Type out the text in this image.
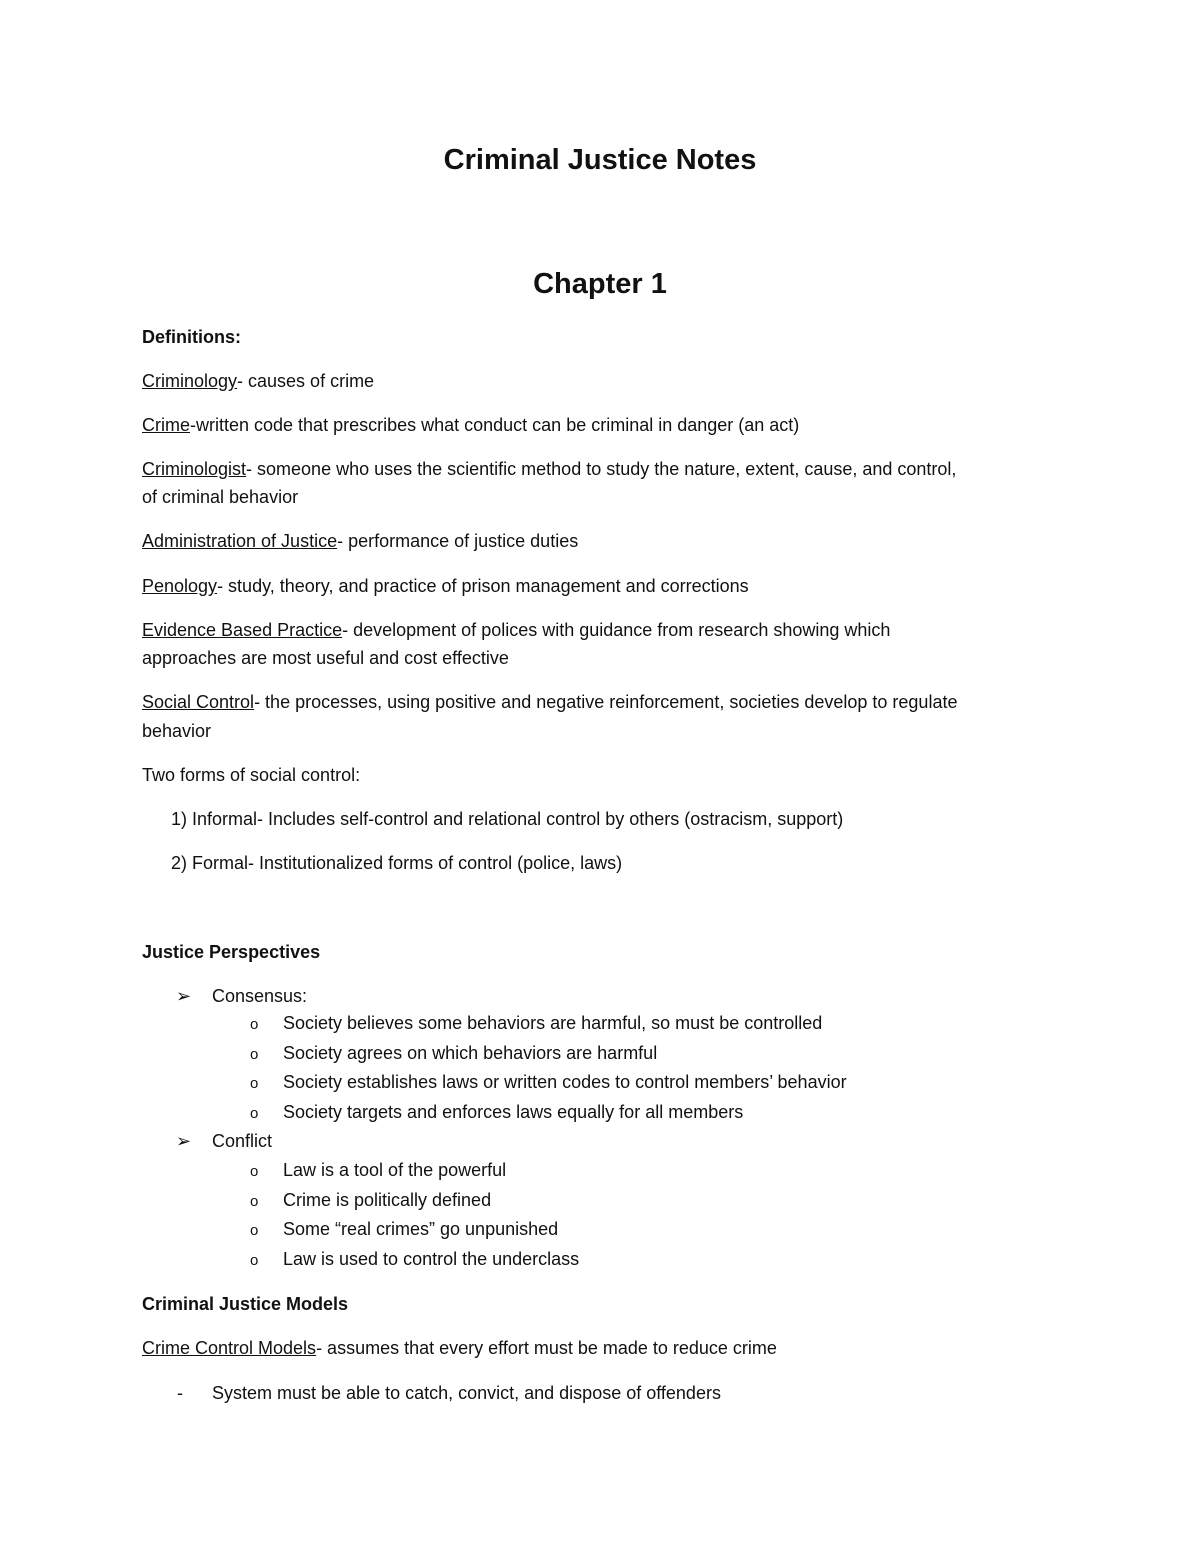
Criminal Justice Notes
Chapter 1

Definitions:

Criminology- causes of crime

Crime-written code that prescribes what conduct can be criminal in danger (an act)

Criminologist- someone who uses the scientific method to study the nature, extent, cause, and control,

of criminal behavior

Administration of Justice- performance of justice duties

Penology- study, theory, and practice of prison management and corrections

Evidence Based Practice- development of polices with guidance from research showing which

approaches are most useful and cost effective

Social Control- the processes, using positive and negative reinforcement, societies develop to regulate

behavior

Two forms of social control:

1) Informal- Includes self-control and relational control by others (ostracism, support)

2) Formal- Institutionalized forms of control (police, laws)

Justice Perspectives

➢ Consensus:

o Society believes some behaviors are harmful, so must be controlled

o Society agrees on which behaviors are harmful

o Society establishes laws or written codes to control members’ behavior

o Society targets and enforces laws equally for all members

➢ Conflict

o Law is a tool of the powerful

o Crime is politically defined

o Some “real crimes” go unpunished

o Law is used to control the underclass

Criminal Justice Models

Crime Control Models- assumes that every effort must be made to reduce crime

- System must be able to catch, convict, and dispose of offenders
